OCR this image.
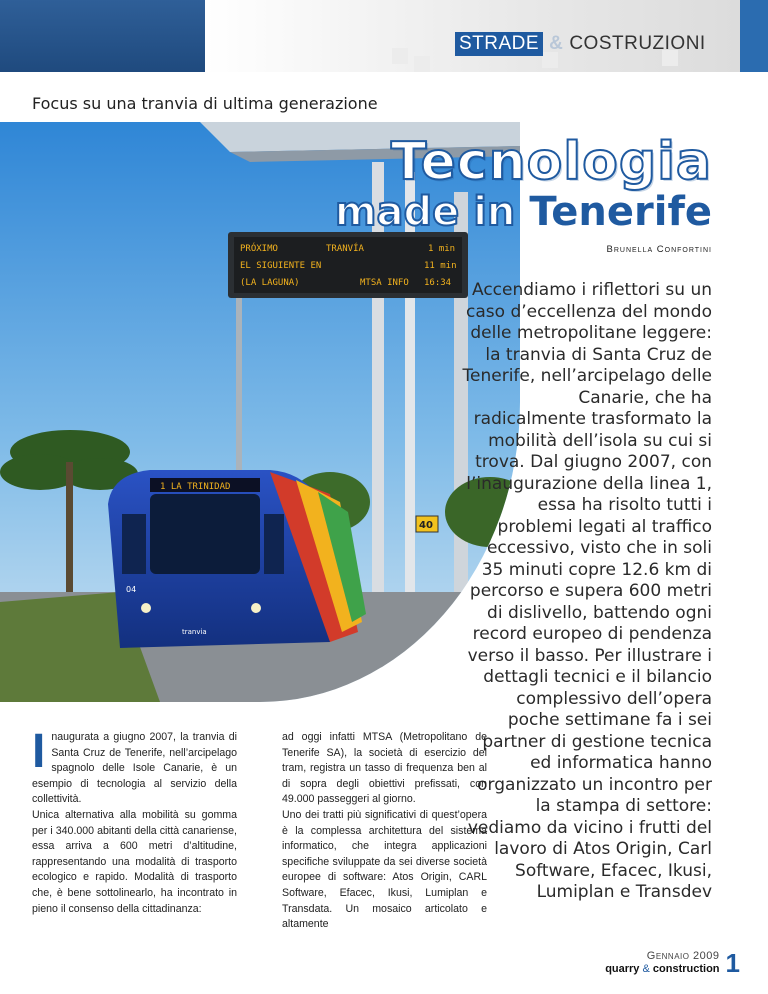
STRADE & COSTRUZIONI
Focus su una tranvia di ultima generazione
PRÓXIMO	TRANVÍA	1 min
EL SIGUIENTE EN	11 min
(LA LAGUNA)	MTSA INFO 16:34
1 LA TRINIDAD
04
tranvia
40
Tecnologia
made in Tenerife
Brunella Confortini
Accendiamo i riflettori su un caso d’eccellenza del mondo delle metropolitane leggere: la tranvia di Santa Cruz de Tenerife, nell’arcipelago delle Canarie, che ha radicalmente trasformato la mobilità dell’isola su cui si trova. Dal giugno 2007, con l’inaugurazione della linea 1, essa ha risolto tutti i problemi legati al traffico eccessivo, visto che in soli 35 minuti copre 12.6 km di percorso e supera 600 metri di dislivello, battendo ogni record europeo di pendenza verso il basso. Per illustrare i dettagli tecnici e il bilancio complessivo dell’opera poche settimane fa i sei partner di gestione tecnica ed informatica hanno organizzato un incontro per la stampa di settore: vediamo da vicino i frutti del lavoro di Atos Origin, Carl Software, Efacec, Ikusi, Lumiplan e Transdev
I naugurata a giugno 2007, la tranvia di Santa Cruz de Tenerife, nell’arcipelago spagnolo delle Isole Canarie, è un esempio di tecnologia al servizio della collettività.
Unica alternativa alla mobilità su gomma per i 340.000 abitanti della città canariense, essa arriva a 600 metri d’altitudine, rappresentando una modalità di trasporto ecologico e rapido. Modalità di trasporto che, è bene sottolinearlo, ha incontrato in pieno il consenso della cittadinanza:
ad oggi infatti MTSA (Metropolitano de Tenerife SA), la società di esercizio del tram, registra un tasso di frequenza ben al di sopra degli obiettivi prefissati, con 49.000 passeggeri al giorno.
Uno dei tratti più significativi di quest’opera è la complessa architettura del sistema informatico, che integra applicazioni specifiche sviluppate da sei diverse società europee di software: Atos Origin, CARL Software, Efacec, Ikusi, Lumiplan e Transdata. Un mosaico articolato e altamente
Gennaio 2009
quarry & construction 1
